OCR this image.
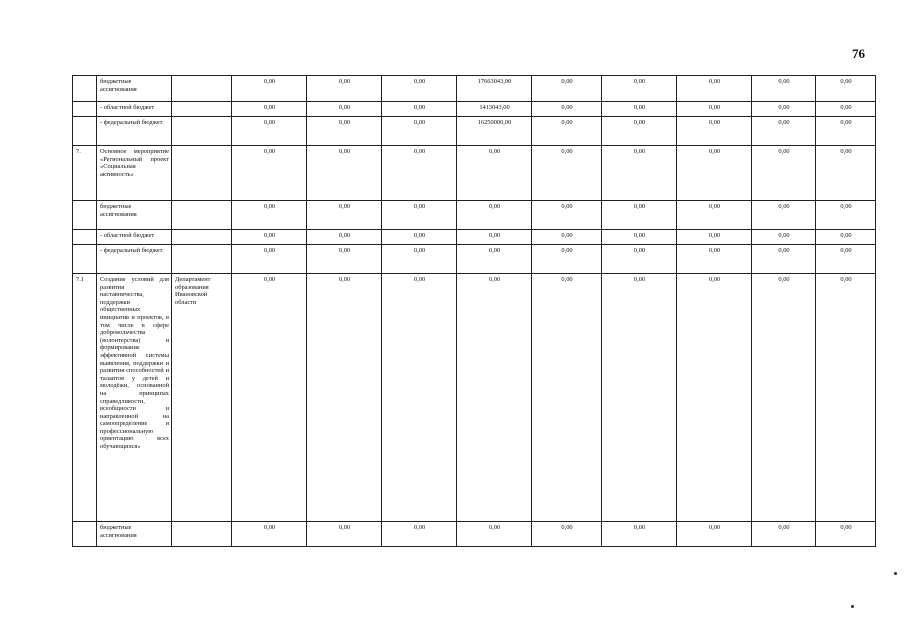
76
	бюджетные ассигнования		0,00	0,00	0,00	17663043,00	0,00	0,00	0,00	0,00	0,00
	- областной бюджет		0,00	0,00	0,00	1413043,00	0,00	0,00	0,00	0,00	0,00
	- федеральный бюджет		0,00	0,00	0,00	16250000,00	0,00	0,00	0,00	0,00	0,00
7.	Основное мероприятие «Региональный проект «Социальная активность»		0,00	0,00	0,00	0,00	0,00	0,00	0,00	0,00	0,00
	бюджетные ассигнования		0,00	0,00	0,00	0,00	0,00	0,00	0,00	0,00	0,00
	- областной бюджет		0,00	0,00	0,00	0,00	0,00	0,00	0,00	0,00	0,00
	- федеральный бюджет		0,00	0,00	0,00	0,00	0,00	0,00	0,00	0,00	0,00
7.1	Создание условий для развития наставничества, поддержки общественных инициатив и проектов, в том числе в сфере добровольчества (волонтерства) и формирование эффективной системы выявления, поддержки и развития способностей и талантов у детей и молодёжи, основанной на принципах справедливости, всеобщности и направленной на самоопределение и профессиональную ориентацию всех обучающихся»	Департамент образования Ивановской области	0,00	0,00	0,00	0,00	0,00	0,00	0,00	0,00	0,00
	бюджетные ассигнования		0,00	0,00	0,00	0,00	0,00	0,00	0,00	0,00	0,00
